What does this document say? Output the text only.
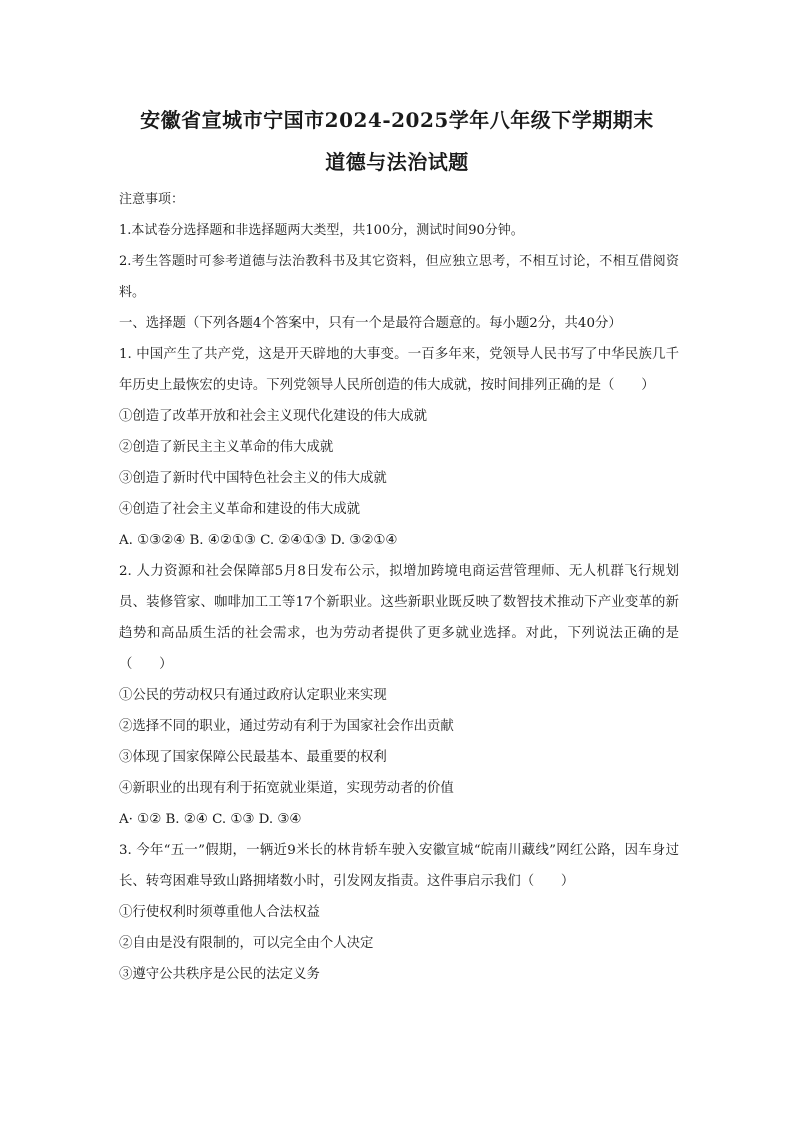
安徽省宣城市宁国市2024-2025学年八年级下学期期末
道德与法治试题
注意事项：
1.本试卷分选择题和非选择题两大类型，共100分，测试时间90分钟。
2.考生答题时可参考道德与法治教科书及其它资料，但应独立思考，不相互讨论，不相互借阅资料。
一、选择题（下列各题4个答案中，只有一个是最符合题意的。每小题2分，共40分）
1. 中国产生了共产党，这是开天辟地的大事变。一百多年来，党领导人民书写了中华民族几千年历史上最恢宏的史诗。下列党领导人民所创造的伟大成就，按时间排列正确的是（　　）
①创造了改革开放和社会主义现代化建设的伟大成就
②创造了新民主主义革命的伟大成就
③创造了新时代中国特色社会主义的伟大成就
④创造了社会主义革命和建设的伟大成就
A. ①③②④ B. ④②①③ C. ②④①③ D. ③②①④
2. 人力资源和社会保障部5月8日发布公示，拟增加跨境电商运营管理师、无人机群飞行规划员、装修管家、咖啡加工工等17个新职业。这些新职业既反映了数智技术推动下产业变革的新趋势和高品质生活的社会需求，也为劳动者提供了更多就业选择。对此，下列说法正确的是（　　）
①公民的劳动权只有通过政府认定职业来实现
②选择不同的职业，通过劳动有利于为国家社会作出贡献
③体现了国家保障公民最基本、最重要的权利
④新职业的出现有利于拓宽就业渠道，实现劳动者的价值
A· ①② B. ②④ C. ①③ D. ③④
3. 今年“五一”假期，一辆近9米长的林肯轿车驶入安徽宣城“皖南川藏线”网红公路，因车身过长、转弯困难导致山路拥堵数小时，引发网友指责。这件事启示我们（　　）
①行使权利时须尊重他人合法权益
②自由是没有限制的，可以完全由个人决定
③遵守公共秩序是公民的法定义务
